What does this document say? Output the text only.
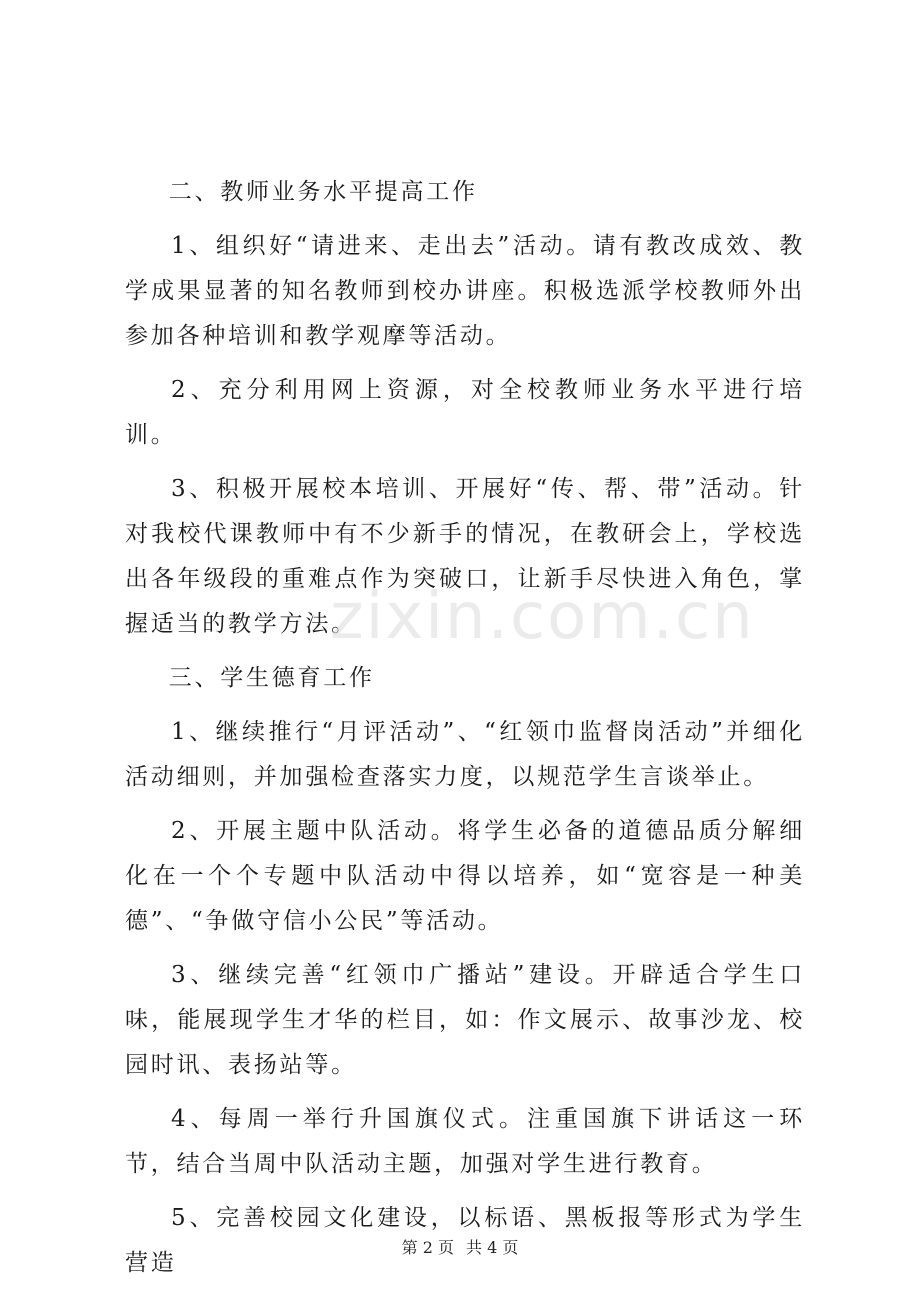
二、教师业务水平提高工作

1、组织好“请进来、走出去”活动。请有教改成效、教学成果显著的知名教师到校办讲座。积极选派学校教师外出参加各种培训和教学观摩等活动。

2、充分利用网上资源，对全校教师业务水平进行培训。

3、积极开展校本培训、开展好“传、帮、带”活动。针对我校代课教师中有不少新手的情况，在教研会上，学校选出各年级段的重难点作为突破口，让新手尽快进入角色，掌握适当的教学方法。

三、学生德育工作

1、继续推行“月评活动”、“红领巾监督岗活动”并细化活动细则，并加强检查落实力度，以规范学生言谈举止。

2、开展主题中队活动。将学生必备的道德品质分解细化在一个个专题中队活动中得以培养，如“宽容是一种美德”、“争做守信小公民”等活动。

3、继续完善“红领巾广播站”建设。开辟适合学生口味，能展现学生才华的栏目，如：作文展示、故事沙龙、校园时讯、表扬站等。

4、每周一举行升国旗仪式。注重国旗下讲话这一环节，结合当周中队活动主题，加强对学生进行教育。

5、完善校园文化建设，以标语、黑板报等形式为学生营造

zixin.com.cn
第 2 页 共 4 页
